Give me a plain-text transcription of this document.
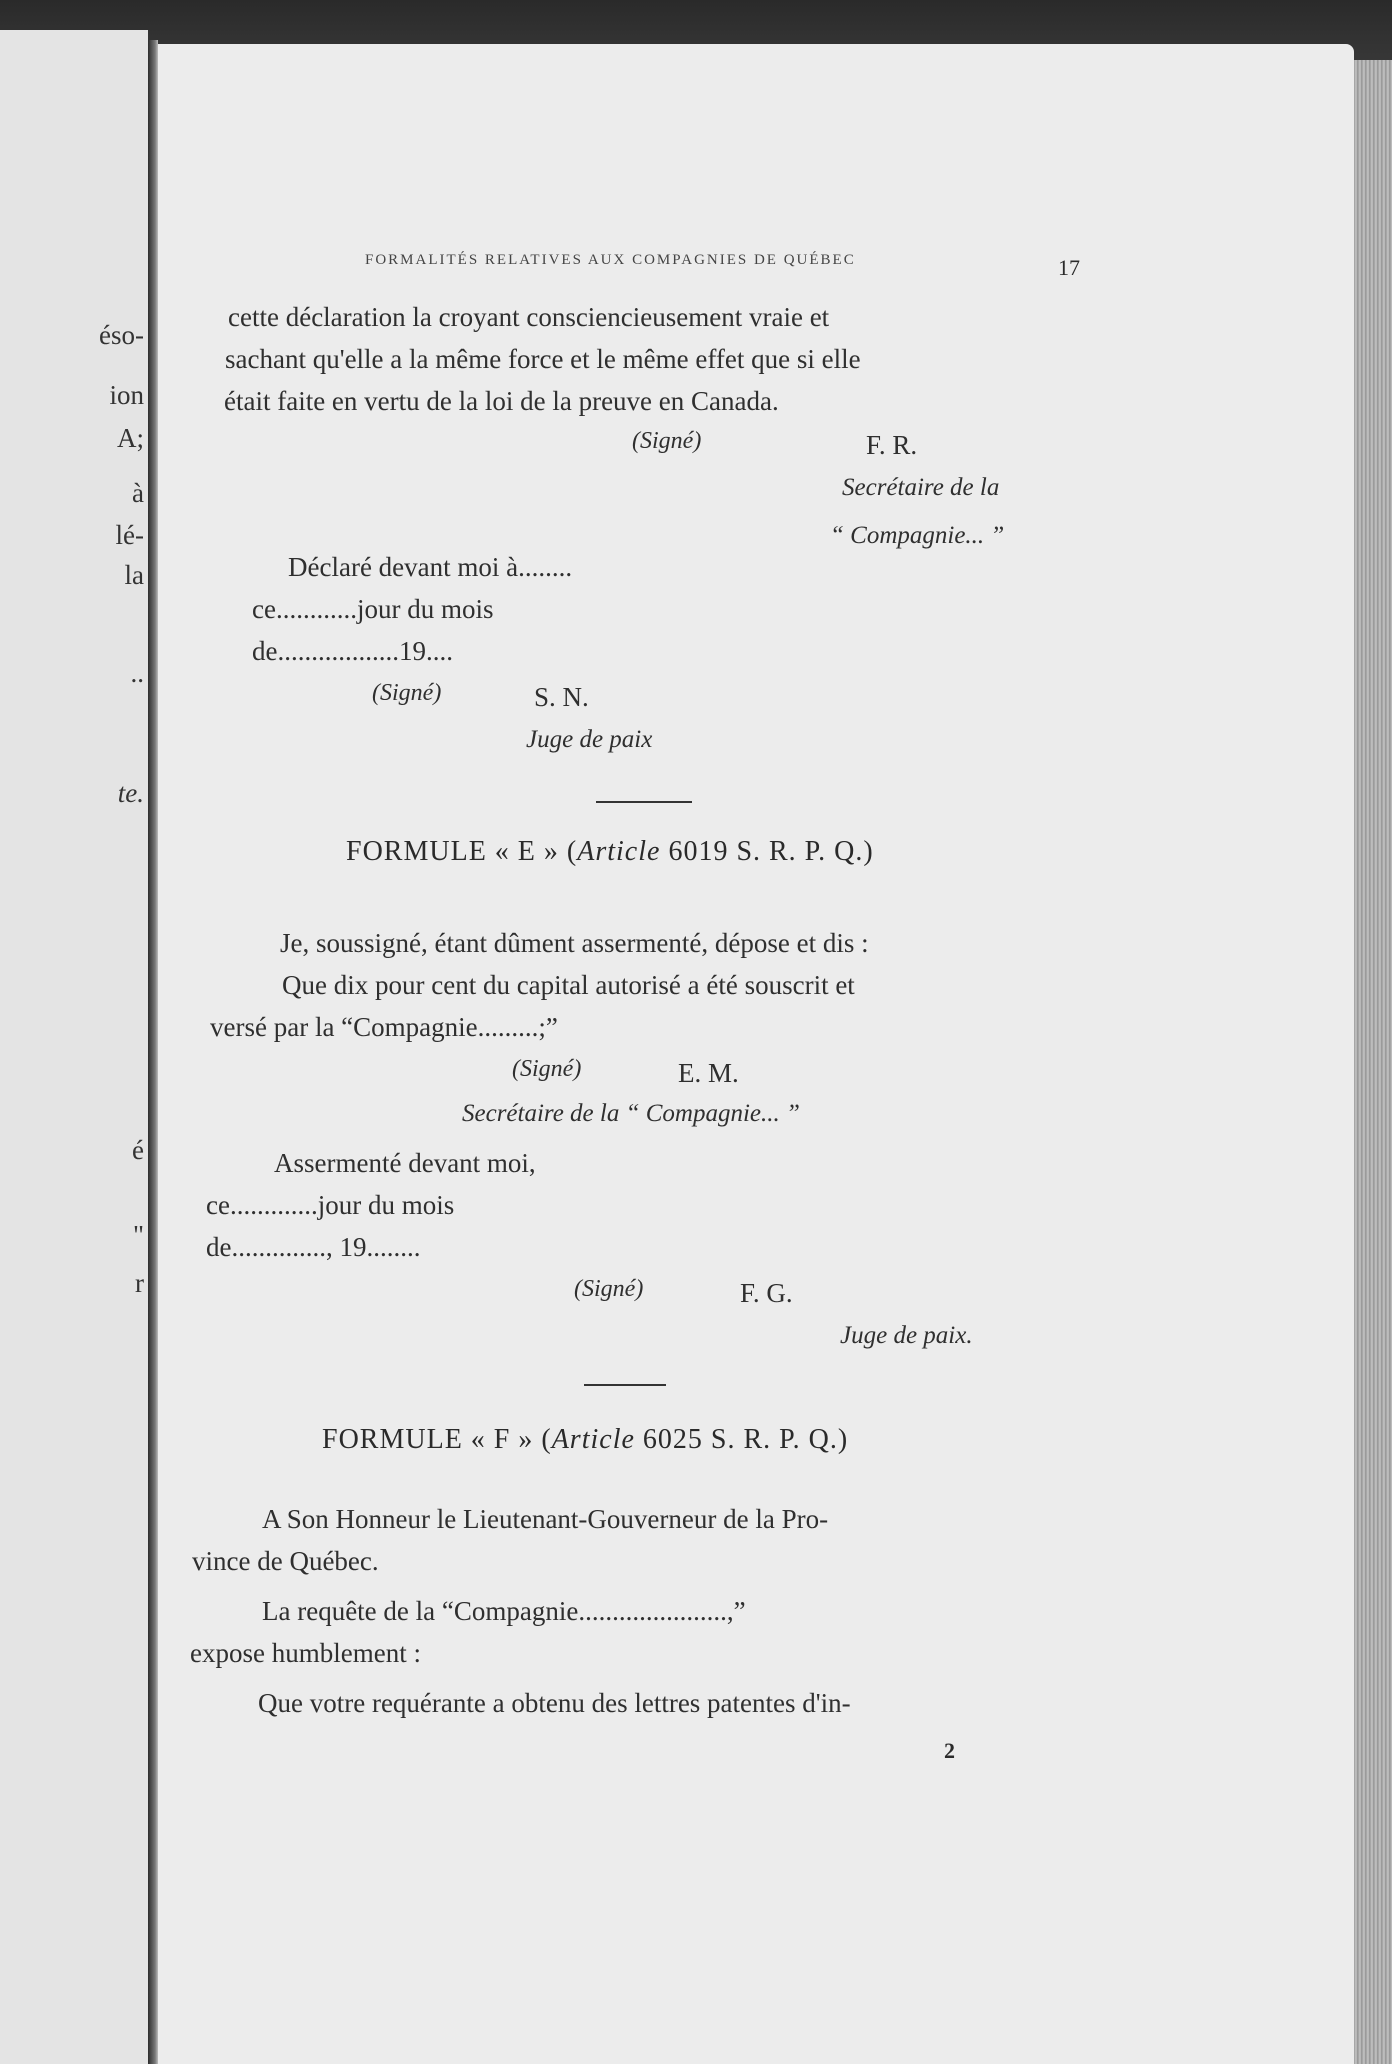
éso-
ion
A;
à
lé-
la
..
te.
é
"
r
FORMALITÉS RELATIVES AUX COMPAGNIES DE QUÉBEC	17
cette déclaration la croyant consciencieusement vraie et
sachant qu'elle a la même force et le même effet que si elle
était faite en vertu de la loi de la preuve en Canada.
(Signé)	F. R.
Secrétaire de la
“ Compagnie... ”
Déclaré devant moi à........
ce............jour du mois
de..................19....
(Signé)	S. N.
Juge de paix
FORMULE « E » (Article 6019 S. R. P. Q.)
Je, soussigné, étant dûment assermenté, dépose et dis :
Que dix pour cent du capital autorisé a été souscrit et
versé par la “Compagnie.........;”
(Signé)	E. M.
Secrétaire de la “ Compagnie... ”
Assermenté devant moi,
ce.............jour du mois
de.............., 19........
(Signé)	F. G.
Juge de paix.
FORMULE « F » (Article 6025 S. R. P. Q.)
A Son Honneur le Lieutenant-Gouverneur de la Pro-
vince de Québec.
La requête de la “Compagnie......................,”
expose humblement :
Que votre requérante a obtenu des lettres patentes d'in-
2
